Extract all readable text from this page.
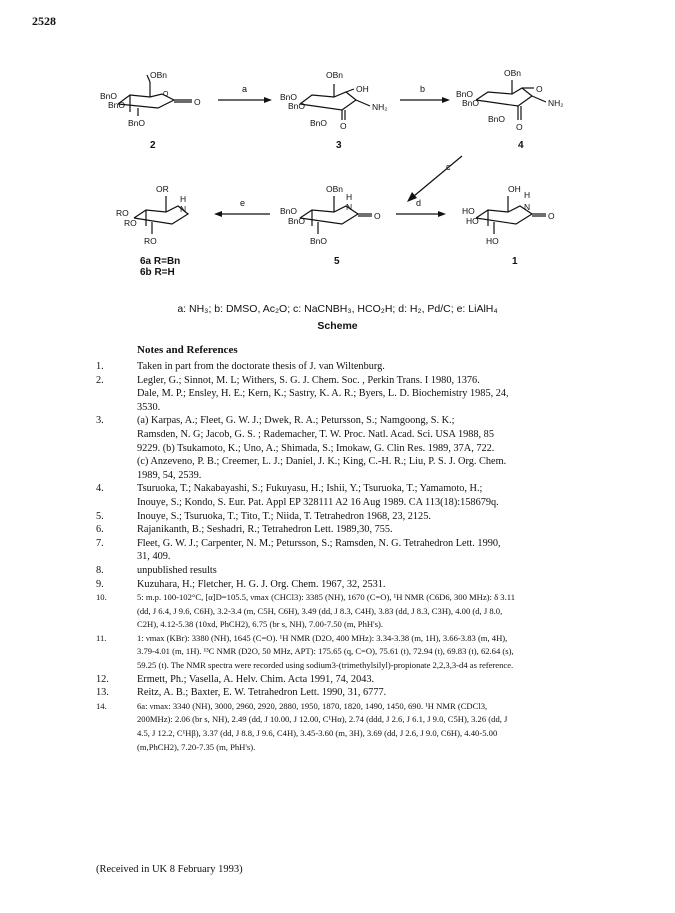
2528
OBn
BnO
BnO
BnO
O
O
2
a
OBn
OH
BnO
BnO	NH₂
BnO O
3
b
OBn
BnO
BnO
O
NH₂
BnO
O
4
c
OR
H
N
RO
RO
RO
6a R=Bn
6b R=H
e
OBn
H
N
BnO
BnO	O
BnO
5
d
OH
H
N
HO
HO	O
HO
1
a: NH₃; b: DMSO, Ac₂O; c: NaCNBH₃, HCO₂H; d: H₂, Pd/C; e: LiAlH₄
Scheme
Notes and References
1.	Taken in part from the doctorate thesis of J. van Wiltenburg.
2.	Legler, G.; Sinnot, M. L; Withers, S. G. J. Chem. Soc. , Perkin Trans. I 1980, 1376.
Dale, M. P.; Ensley, H. E.; Kern, K.; Sastry, K. A. R.; Byers, L. D. Biochemistry 1985, 24,
3530.
3.	(a) Karpas, A.; Fleet, G. W. J.; Dwek, R. A.; Petursson, S.; Namgoong, S. K.;
Ramsden, N. G; Jacob, G. S. ; Rademacher, T. W. Proc. Natl. Acad. Sci. USA 1988, 85
9229. (b) Tsukamoto, K.; Uno, A.; Shimada, S.; Imokaw, G. Clin Res. 1989, 37A, 722.
(c) Anzeveno, P. B.; Creemer, L. J.; Daniel, J. K.; King, C.-H. R.; Liu, P. S. J. Org. Chem.
1989, 54, 2539.
4.	Tsuruoka, T.; Nakabayashi, S.; Fukuyasu, H.; Ishii, Y.; Tsuruoka, T.; Yamamoto, H.;
Inouye, S.; Kondo, S. Eur. Pat. Appl EP 328111 A2 16 Aug 1989. CA 113(18):158679q.
5.	Inouye, S.; Tsuruoka, T.; Tito, T.; Niida, T. Tetrahedron 1968, 23, 2125.
6.	Rajanikanth, B.; Seshadri, R.; Tetrahedron Lett. 1989,30, 755.
7.	Fleet, G. W. J.; Carpenter, N. M.; Petursson, S.; Ramsden, N. G. Tetrahedron Lett. 1990,
31, 409.
8.	unpublished results
9.	Kuzuhara, H.; Fletcher, H. G. J. Org. Chem. 1967, 32, 2531.
10.	5: m.p. 100-102°C, [α]D=105.5, νmax (CHCl3): 3385 (NH), 1670 (C=O), ¹H NMR (C6D6, 300 MHz): δ 3.11
(dd, J 6.4, J 9.6, C6H), 3.2-3.4 (m, C5H, C6H), 3.49 (dd, J 8.3, C4H), 3.83 (dd, J 8.3, C3H), 4.00 (d, J 8.0,
C2H), 4.12-5.38 (10xd, PhCH2), 6.75 (br s, NH), 7.00-7.50 (m, PhH's).
11.	1: νmax (KBr): 3380 (NH), 1645 (C=O). ¹H NMR (D2O, 400 MHz): 3.34-3.38 (m, 1H), 3.66-3.83 (m, 4H),
3.79-4.01 (m, 1H). ¹³C NMR (D2O, 50 MHz, APT): 175.65 (q, C=O), 75.61 (t), 72.94 (t), 69.83 (t), 62.64 (s),
59.25 (t). The NMR spectra were recorded using sodium3-(trimethylsilyl)-propionate 2,2,3,3-d4 as reference.
12.	Ermett, Ph.; Vasella, A. Helv. Chim. Acta 1991, 74, 2043.
13.	Reitz, A. B.; Baxter, E. W. Tetrahedron Lett. 1990, 31, 6777.
14.	6a: νmax: 3340 (NH), 3000, 2960, 2920, 2880, 1950, 1870, 1820, 1490, 1450, 690. ¹H NMR (CDCl3,
200MHz): 2.06 (br s, NH), 2.49 (dd, J 10.00, J 12.00, C¹Hα), 2.74 (ddd, J 2.6, J 6.1, J 9.0, C5H), 3.26 (dd, J
4.5, J 12.2, C¹Hβ), 3.37 (dd, J 8.8, J 9.6, C4H), 3.45-3.60 (m, 3H), 3.69 (dd, J 2.6, J 9.0, C6H), 4.40-5.00
(m,PhCH2), 7.20-7.35 (m, PhH's).
(Received in UK 8 February 1993)
